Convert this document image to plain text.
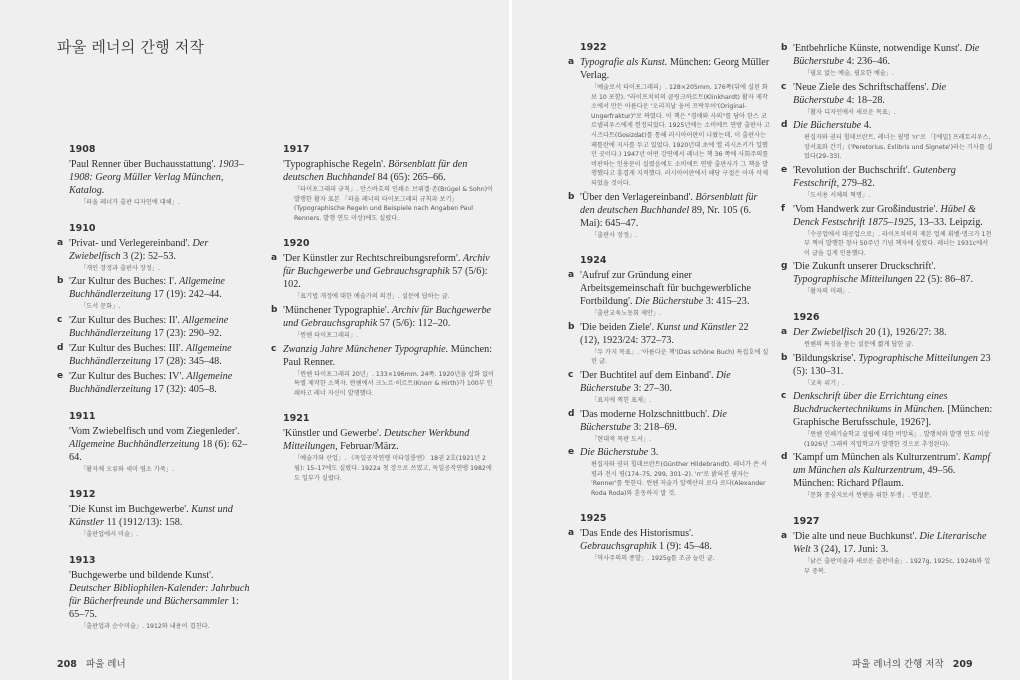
파울 레너의 간행 저작
1908
'Paul Renner über Buchausstattung'. 1903–1908: Georg Müller Verlag München, Katalog.
「파울 레너가 출판 디자인에 대해」.
1910
a 'Privat- und Verlegereinband'. Der Zwiebelfisch 3 (2): 52–53.
「개인 장정과 출판사 장정」.
b 'Zur Kultur des Buches: I'. Allgemeine Buchhändlerzeitung 17 (19): 242–44.
「도서 문화」.
c 'Zur Kultur des Buches: II'. Allgemeine Buchhändlerzeitung 17 (23): 290–92.
d 'Zur Kultur des Buches: III'. Allgemeine Buchhändlerzeitung 17 (28): 345–48.
e 'Zur Kultur des Buches: IV'. Allgemeine Buchhändlerzeitung 17 (32): 405–8.
1911
'Vom Zwiebelfisch und vom Ziegenleder'. Allgemeine Buchhändlerzeitung 18 (6): 62–64.
「활자체 오류와 세미 염소 가죽」.
1912
'Die Kunst im Buchgewerbe'. Kunst und Künstler 11 (1912/13): 158.
「출판업에서 미술」.
1913
'Buchgewerbe und bildende Kunst'. Deutscher Bibliophilen-Kalender: Jahrbuch für Bücherfreunde und Büchersammler 1: 65–75.
「출판업과 순수미술」. 1912와 내용이 겹친다.
1917
'Typographische Regeln'. Börsenblatt für den deutschen Buchhandel 84 (65): 265–66.
「타이포그래피 규칙」. 안스바흐의 인쇄소 브뤼겔·존(Brügel & Sohn)이 발행한 활자 표본 「파울 레너의 타이포그래피 규칙과 보기」(Typographische Regeln und Beispiele nach Angaben Paul Renners. 발행 연도 미상)에도 실렸다.
1920
a 'Der Künstler zur Rechtschreibungsreform'. Archiv für Buchgewerbe und Gebrauchsgraphik 57 (5/6): 102.
「표기법 개정에 대한 예술가의 의견」. 설문에 답하는 글.
b 'Münchener Typographie'. Archiv für Buchgewerbe und Gebrauchsgraphik 57 (5/6): 112–20.
「뮌헨 타이포그래피」.
c Zwanzig Jahre Münchener Typographie. München: Paul Renner.
「뮌헨 타이포그래피 20년」. 133×196mm. 24쪽. 1920년을 삽화 없이 특별 제작한 소책자. 뮌헨에서 크노르·히르트(Knorr & Hirth)가 100부 인쇄하고 레너 자신이 발행했다.
1921
'Künstler und Gewerbe'. Deutscher Werkbund Mitteilungen, Februar/März.
「예술가와 산업」. 《독일공작연맹 미타일룽엔》 18권 2호(1921년 2월): 15–17에도 실렸다. 1922a 첫 장으로 쓰였고, 독일공작연맹 1982에도 일부가 실렸다.
208 파울 레너
1922
a Typografie als Kunst. München: Georg Müller Verlag.
「예술로서 타이포그래피」. 128×205mm. 176쪽(뒤에 실린 화보 10 포함). "라이프치히의 클링크하르트(Klinkhardt) 활자 제작소에서 만든 아름다운 '오리지날 웅어 프락투어'(Original-Ungerfraktur)"로 짜였다. 이 책은 "경애와 사의"를 담아 한스 코르넬리우스에게 헌정되었다. 1925년에는 소비에트 연방 출판사 고시즈다트(Gosizdat)를 통해 러시아어판이 나왔는데, 이 출판사는 페틀란에 지사를 두고 있었다. 1920년대 초에 엘 리시츠키가 일했던 곳이다.) 1947년 어떤 강연에서 레너는 책 36 쪽에 사회주의를 비판하는 인용문이 실렸음에도 소비에트 연방 출판사가 그 책을 발행했다고 흥겹게 지적했다. 러시아어판에서 해당 구절은 아마 삭제되었을 것이다.
b 'Über den Verlagereinband'. Börsenblatt für den deutschen Buchhandel 89, Nr. 105 (6. Mai): 645–47.
「출판사 장정」.
1924
a 'Aufruf zur Gründung einer Arbeitsgemeinschaft für buchgewerbliche Fortbildung'. Die Bücherstube 3: 415–23.
「출판교육노동회 제안」.
b 'Die beiden Ziele'. Kunst und Künstler 22 (12), 1923/24: 372–73.
「두 가지 목표」. '아름다운 책'(Das schöne Buch) 특집호에 실린 글.
c 'Der Buchtitel auf dem Einband'. Die Bücherstube 3: 27–30.
「표지에 찍힌 표제」.
d 'Das moderne Holzschnittbuch'. Die Bücherstube 3: 218–69.
「현대적 목판 도서」.
e Die Bücherstube 3.
편집자와 권터 힐데브란트(Günther Hildebrandt). 레너가 쓴 서평과 전시 평(174–75, 299, 301–2). 'rr'로 밝혀진 필자는 'Renner'를 뜻한다. 뮌헨 저술가 알렉산더 로다 로다(Alexander Roda Roda)와 혼동하지 말 것.
1925
a 'Das Ende des Historismus'. Gebrauchsgraphik 1 (9): 45–48.
「역사주의의 종말」. 1925g를 조금 늘린 글.
b 'Entbehrliche Künste, notwendige Kunst'. Die Bücherstube 4: 236–46.
「필요 없는 예술, 필요한 예술」.
c 'Neue Ziele des Schriftschaffens'. Die Bücherstube 4: 18–28.
「활자 디자인에서 새로운 목표」.
d Die Bücherstube 4.
편집자와 권터 힐데브란트. 레너는 필명 'rr'로 「[에밀] 프레토리우스, 장서표와 간기」('Peretorius, Exlibris und Signete')라는 기사를 실었다(29–33).
e 'Revolution der Buchschrift'. Gutenberg Festschrift, 279–82.
「도서용 서체의 혁명」.
f 'Vom Handwerk zur Großindustrie'. Hübel & Denck Festschrift 1875–1925, 13–33. Leipzig.
「수공업에서 대공업으로」. 라이프치히의 제본 업체 휘벨·뎅크가 1천 부 찍어 발행한 창사 50주년 기념 책자에 실렸다. 레너는 1931c에서 이 글을 길게 인용했다.
g 'Die Zukunft unserer Druckschrift'. Typographische Mitteilungen 22 (5): 86–87.
「활자의 미래」.
1926
a Der Zwiebelfisch 20 (1), 1926/27: 38.
뮌헨의 특징을 묻는 설문에 짧게 답한 글.
b 'Bildungskrise'. Typographische Mitteilungen 23 (5): 130–31.
「교육 위기」.
c Denkschrift über die Errichtung eines Buchdruckertechnikums in München. [München: Graphische Berufsschule, 1926?].
「뮌헨 인쇄기술학교 설립에 대한 비망록」. 발행처와 발행 연도 미상(1926년 그래픽 직업학교가 발행한 것으로 추정된다).
d 'Kampf um München als Kulturzentrum'. Kampf um München als Kulturzentrum, 49–56. München: Richard Pflaum.
「문화 중심지로서 뮌헨을 위한 투쟁」. 연설문.
1927
a 'Die alte und neue Buchkunst'. Die Literarische Welt 3 (24), 17. Juni: 3.
「낡은 출판미술과 새로운 출판미술」. 1927g, 1925c, 1924b와 일부 중복.
파울 레너의 간행 저작 209
